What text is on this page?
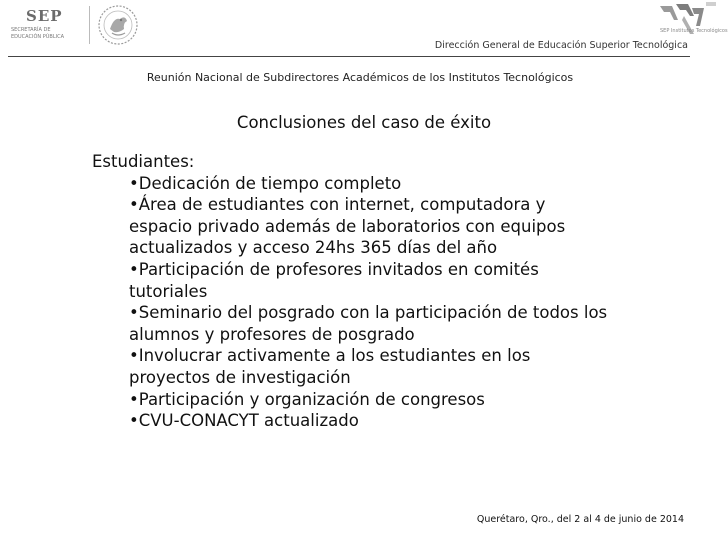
SEP
SECRETARÍA DE
EDUCACIÓN PÚBLICA
SEP Institutos Tecnológicos
Dirección General de Educación Superior Tecnológica
Reunión Nacional de Subdirectores Académicos de los Institutos Tecnológicos
Conclusiones del caso de éxito
Estudiantes:
•Dedicación de tiempo completo
•Área de estudiantes con internet, computadora y espacio privado además de laboratorios con equipos actualizados y acceso 24hs 365 días del año
•Participación de profesores invitados en comités tutoriales
•Seminario del posgrado con la participación de todos los alumnos y profesores de posgrado
•Involucrar activamente a los estudiantes en los proyectos de investigación
•Participación y organización de congresos
•CVU-CONACYT actualizado
Querétaro, Qro., del 2 al 4 de junio de 2014
